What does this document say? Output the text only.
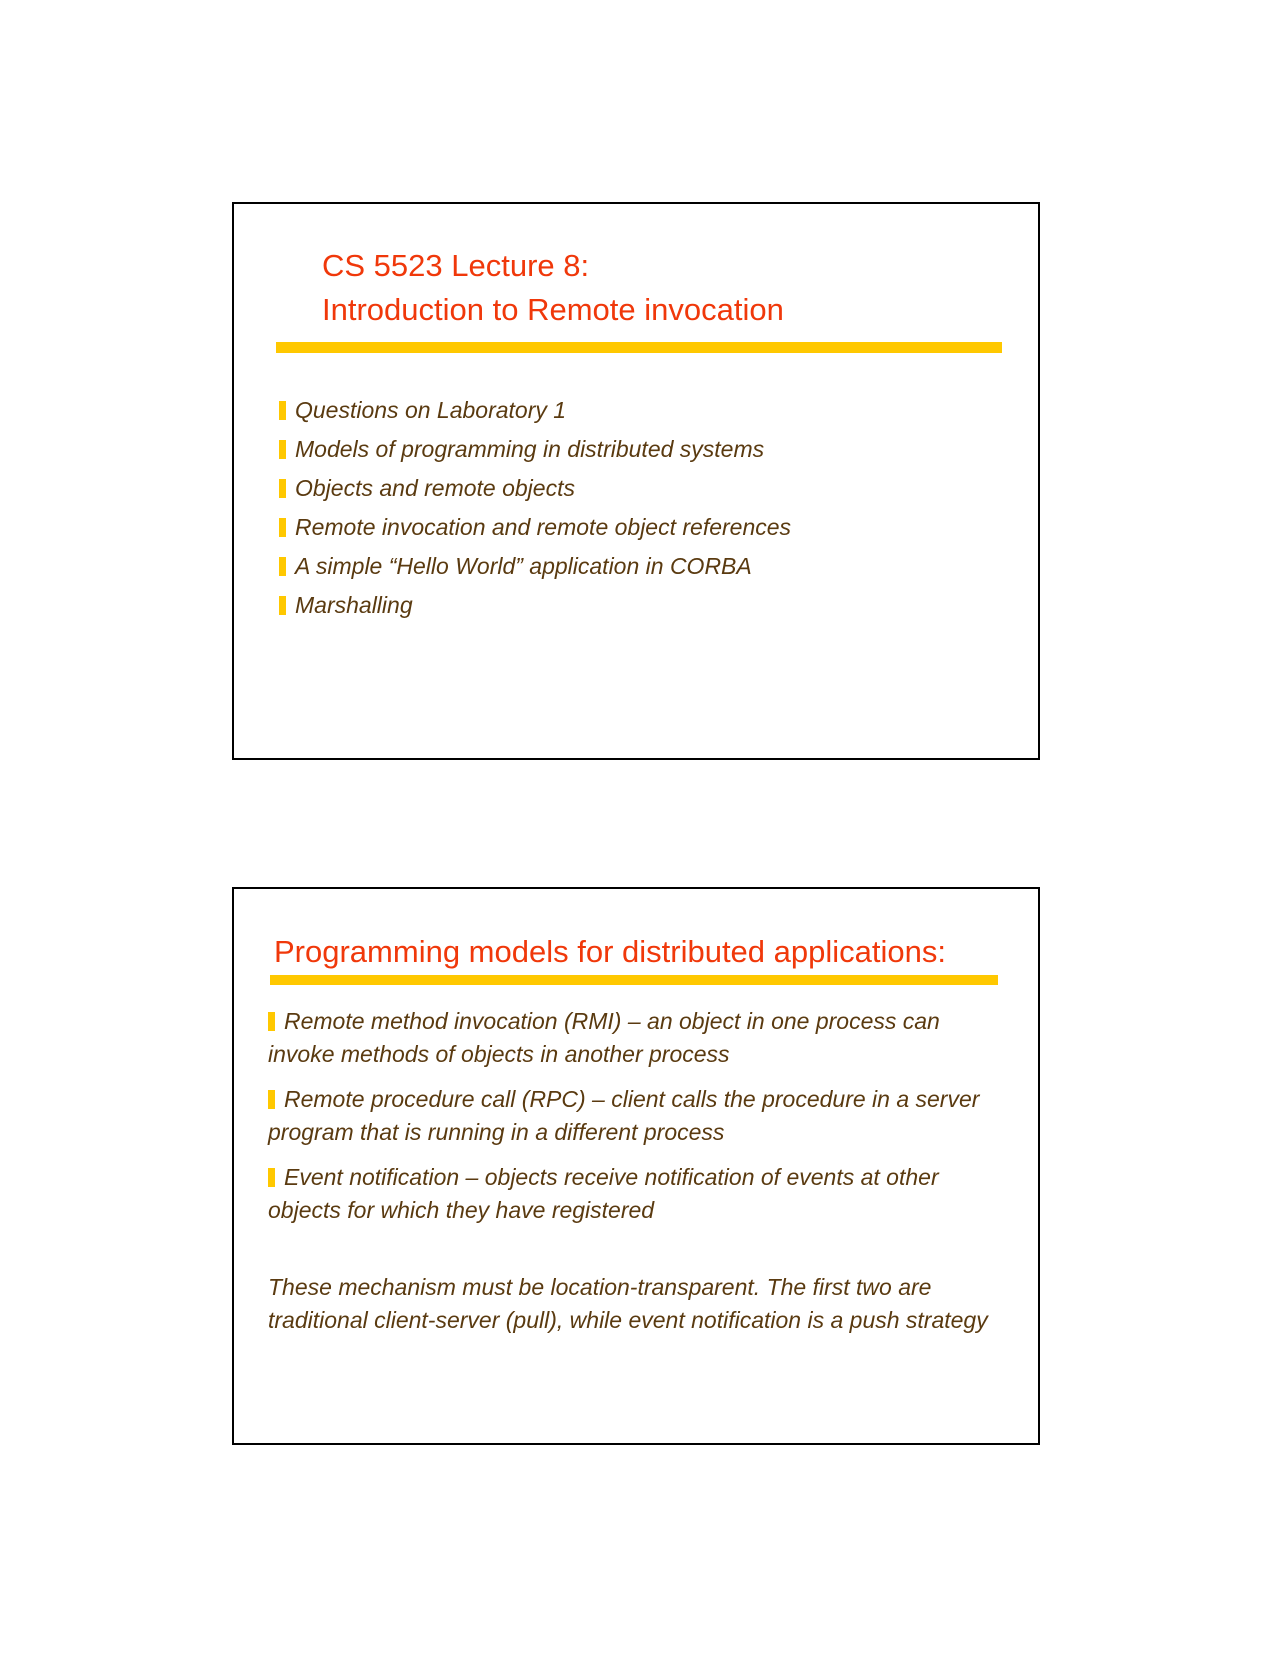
CS 5523 Lecture 8:
Introduction to Remote invocation
Questions on Laboratory 1
Models of programming in distributed systems
Objects and remote objects
Remote invocation and remote object references
A simple “Hello World” application in CORBA
Marshalling
Programming models for distributed applications:

Remote method invocation (RMI) – an object in one process can invoke methods of objects in another process

Remote procedure call (RPC) – client calls the procedure in a server program that is running in a different process

Event notification – objects receive notification of events at other objects for which they have registered

These mechanism must be location-transparent. The first two are traditional client-server (pull), while event notification is a push strategy
